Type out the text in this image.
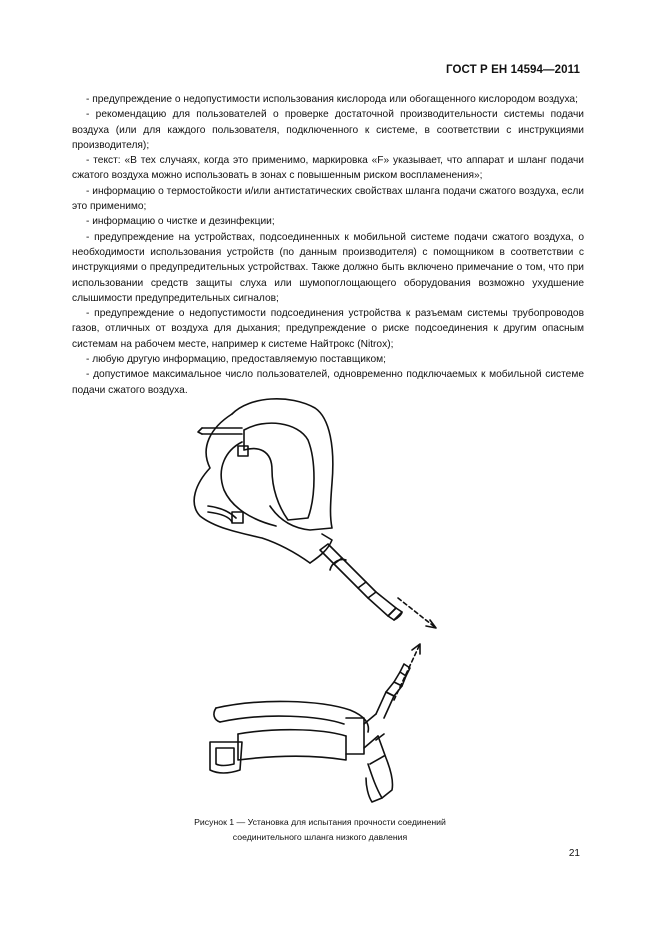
ГОСТ Р ЕН 14594—2011

- предупреждение о недопустимости использования кислорода или обогащенного кислородом воздуха;

- рекомендацию для пользователей о проверке достаточной производительности системы подачи воздуха (или для каждого пользователя, подключенного к системе, в соответствии с инструкциями производителя);

- текст: «В тех случаях, когда это применимо, маркировка «F» указывает, что аппарат и шланг подачи сжатого воздуха можно использовать в зонах с повышенным риском воспламенения»;

- информацию о термостойкости и/или антистатических свойствах шланга подачи сжатого воздуха, если это применимо;

- информацию о чистке и дезинфекции;

- предупреждение на устройствах, подсоединенных к мобильной системе подачи сжатого воздуха, о необходимости использования устройств (по данным производителя) с помощником в соответствии с инструкциями о предупредительных устройствах. Также должно быть включено примечание о том, что при использовании средств защиты слуха или шумопоглощающего оборудования возможно ухудшение слышимости предупредительных сигналов;

- предупреждение о недопустимости подсоединения устройства к разъемам системы трубопроводов газов, отличных от воздуха для дыхания; предупреждение о риске подсоединения к другим опасным системам на рабочем месте, например к системе Найтрокс (Nitrox);

- любую другую информацию, предоставляемую поставщиком;

- допустимое максимальное число пользователей, одновременно подключаемых к мобильной системе подачи сжатого воздуха.

Рисунок 1 — Установка для испытания прочности соединений
соединительного шланга низкого давления
21
